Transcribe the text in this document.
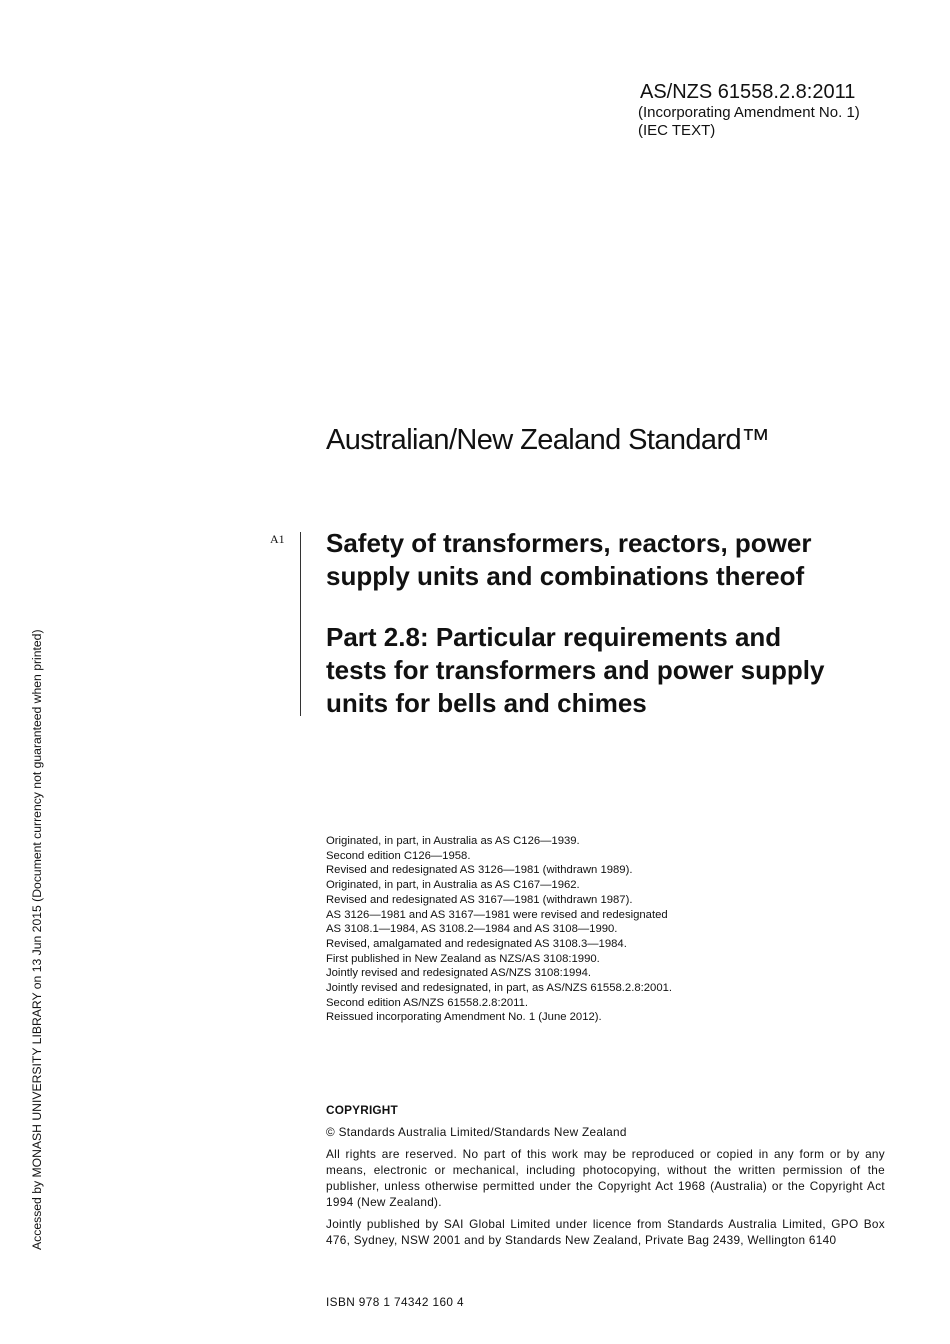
AS/NZS 61558.2.8:2011
(Incorporating Amendment No. 1)
(IEC TEXT)
Australian/New Zealand Standard™
A1 Safety of transformers, reactors, power
supply units and combinations thereof
Part 2.8: Particular requirements and
tests for transformers and power supply
units for bells and chimes
Originated, in part, in Australia as AS C126—1939.
Second edition C126—1958.
Revised and redesignated AS 3126—1981 (withdrawn 1989).
Originated, in part, in Australia as AS C167—1962.
Revised and redesignated AS 3167—1981 (withdrawn 1987).
AS 3126—1981 and AS 3167—1981 were revised and redesignated
AS 3108.1—1984, AS 3108.2—1984 and AS 3108—1990.
Revised, amalgamated and redesignated AS 3108.3—1984.
First published in New Zealand as NZS/AS 3108:1990.
Jointly revised and redesignated AS/NZS 3108:1994.
Jointly revised and redesignated, in part, as AS/NZS 61558.2.8:2001.
Second edition AS/NZS 61558.2.8:2011.
Reissued incorporating Amendment No. 1 (June 2012).
COPYRIGHT
© Standards Australia Limited/Standards New Zealand
All rights are reserved. No part of this work may be reproduced or copied in any form or by any means, electronic or mechanical, including photocopying, without the written permission of the publisher, unless otherwise permitted under the Copyright Act 1968 (Australia) or the Copyright Act 1994 (New Zealand).
Jointly published by SAI Global Limited under licence from Standards Australia Limited, GPO Box 476, Sydney, NSW 2001 and by Standards New Zealand, Private Bag 2439, Wellington 6140
ISBN 978 1 74342 160 4
Accessed by MONASH UNIVERSITY LIBRARY on 13 Jun 2015 (Document currency not guaranteed when printed)
